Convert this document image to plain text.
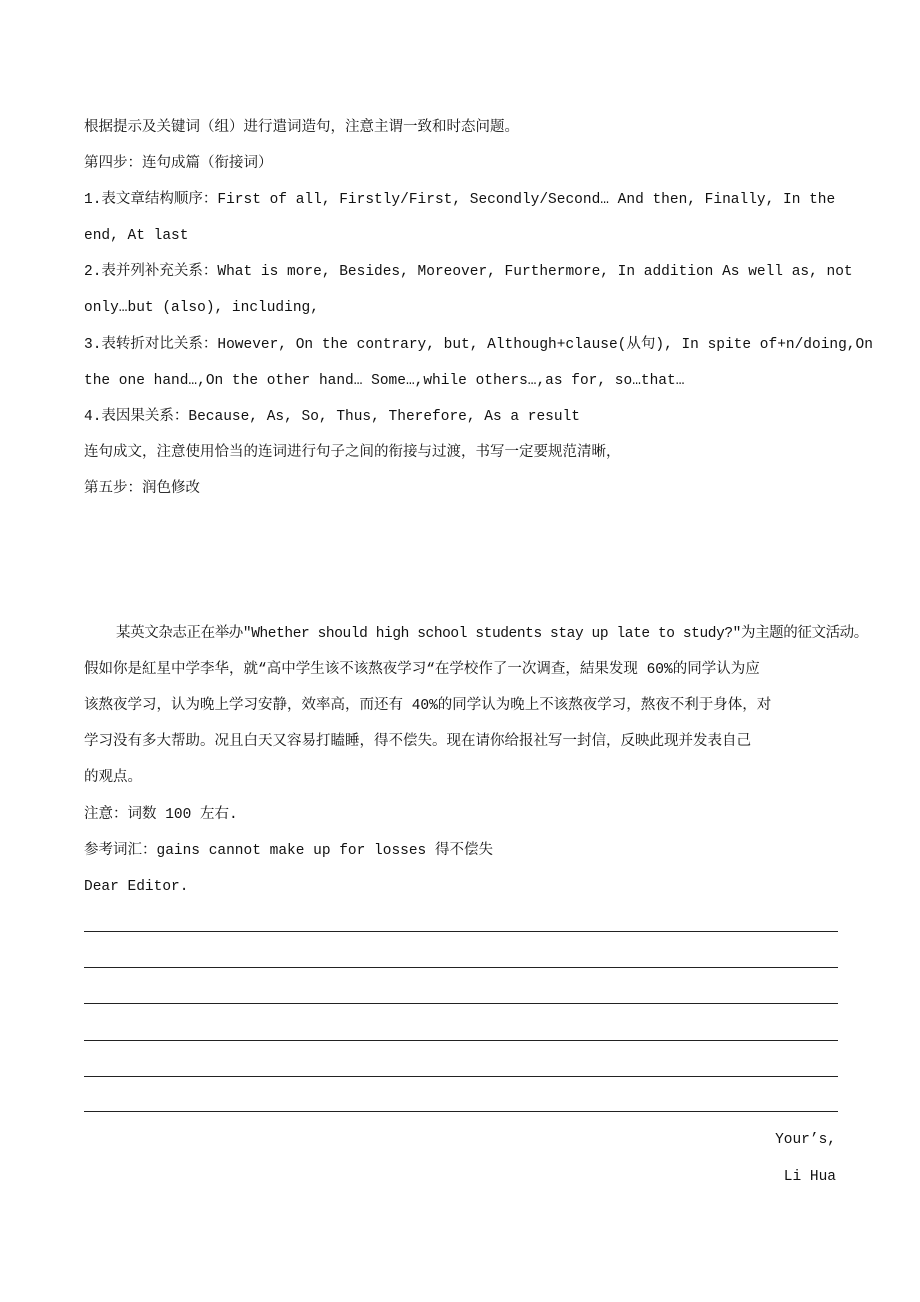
根据提示及关键词（组）进行遣词造句，注意主谓一致和时态问题。
第四步：连句成篇（衔接词）
1.表文章结构顺序：First of all, Firstly/First, Secondly/Second… And then, Finally, In the
end, At last
2.表并列补充关系：What is more, Besides, Moreover, Furthermore, In addition As well as, not
only…but (also), including,
3.表转折对比关系：However, On the contrary, but, Although+clause(从句), In spite of+n/doing,On
the one hand…,On the other hand… Some…,while others…,as for, so…that…
4.表因果关系：Because, As, So, Thus, Therefore, As a result
连句成文，注意使用恰当的连词进行句子之间的衔接与过渡，书写一定要规范清晰，
第五步：润色修改
某英文杂志正在举办"Whether should high school students stay up late to study?"为主题的征文活动。
假如你是紅星中学李华，就“高中学生该不该熬夜学习“在学校作了一次调查，結果发现 60%的同学认为应
该熬夜学习，认为晚上学习安静，效率高，而还有 40%的同学认为晚上不该熬夜学习，熬夜不利于身体，对
学习没有多大帮助。况且白天又容易打瞌睡，得不偿失。现在请你给报社写一封信，反映此现并发表自己
的观点。
注意：词数 100 左右.
参考词汇：gains cannot make up for losses 得不偿失
Dear Editor.
Your’s,
Li Hua
